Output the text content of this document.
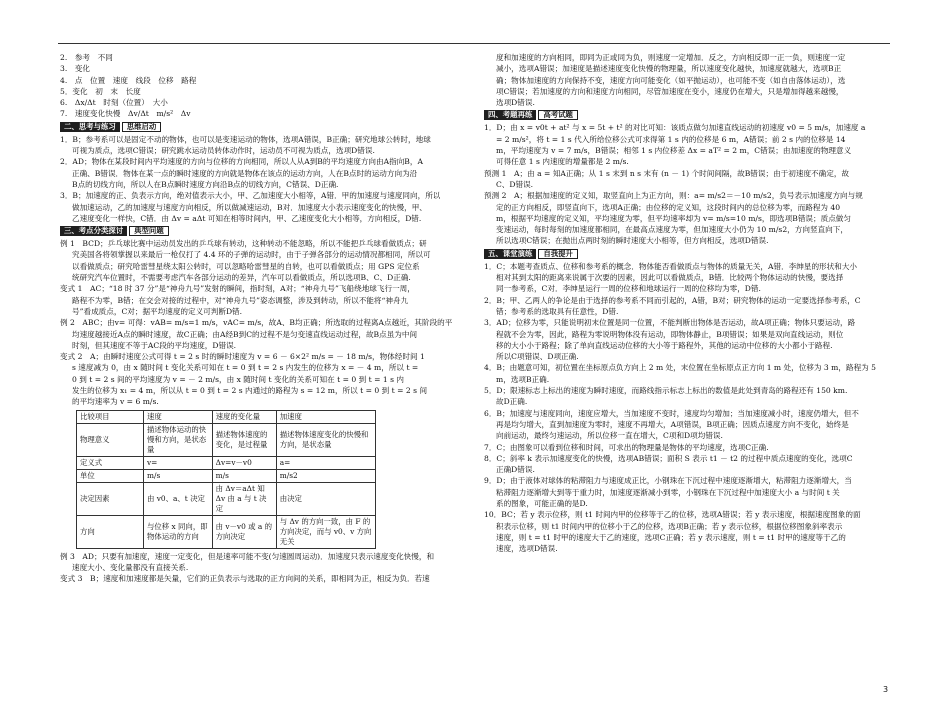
2.　参考　不同

3.　变化

4.　点　位置　速度　线段　位移　路程

5．变化　初　末　长度

6.　Δx/Δt　时刻（位置）　大小

7.　速度变化快慢　Δv/Δt　m/s²　Δv

二、思考与练习	思维启动

1．B；参考系可以是固定不动的物体，也可以是变速运动的物体，选项A错误，B正确；研究地球公转时，地球

可视为质点，选项C错误；研究跳水运动员转体动作时，运动员不可视为质点，选项D错误.

2．AD；物体在某段时间内平均速度的方向与位移的方向相同，所以人从A到B的平均速度方向由A指向B，A

正确、B错误．物体在某一点的瞬时速度的方向就是物体在该点的运动方向，人在B点时的运动方向为沿

B点的切线方向，所以人在B点瞬时速度方向沿B点的切线方向，C错误、D正确.

3．B；加速度的正、负表示方向，绝对值表示大小，甲、乙加速度大小相等，A错．甲的加速度与速度同向，所以

做加速运动，乙的加速度与速度方向相反，所以做减速运动，B对．加速度大小表示速度变化的快慢，甲、

乙速度变化一样快，C错．由 Δv = aΔt 可知在相等时间内，甲、乙速度变化大小相等，方向相反，D错.

三、考点分类探讨	典型问题

例 1　BCD；乒乓球比赛中运动员发出的乒乓球有转动，这种转动不能忽略，所以不能把乒乓球看做质点；研

究美国各将领掌握以来最后一枪仅打了 4.4 环的子弹的运动时，由于子弹各部分的运动情况都相同，所以可

以看做质点；研究哈雷彗星绕太阳公转时，可以忽略哈雷彗星的自转，也可以看做质点；用 GPS 定位系

统研究汽车位置时，不需要考虑汽车各部分运动的差异，汽车可以看做质点，所以选项B、C、D正确.

变式 1　AC；“18 时 37 分”是“神舟九号”发射的瞬间，指时刻，A对；“神舟九号”飞船绕地球飞行一周，

路程不为零，B错；在交会对接的过程中，对“神舟九号”姿态调整，涉及到转动，所以不能将“神舟九

号”看成质点，C对；据平均速度的定义可判断D错.

例 2　ABC；由v= 可得：vAB= m/s=1 m/s，vAC= m/s，故A、B均正确；所选取的过程离A点越近，其阶段的平

均速度越接近A点的瞬时速度，故C正确；由A经B到C的过程不是匀变速直线运动过程，故B点虽为中间

时刻，但其速度不等于AC段的平均速度，D错误.

变式 2　A；由瞬时速度公式可得 t = 2 s 时的瞬时速度为 v = 6 － 6×2² m/s = － 18 m/s，物体经时间 1

s 速度减为 0，由 x 随时间 t 变化关系可知在 t = 0 到 t = 2 s 内发生的位移为 x = － 4 m，所以 t =

0 到 t = 2 s 间的平均速度为 v = － 2 m/s，由 x 随时间 t 变化的关系可知在 t = 0 到 t = 1 s 内

发生的位移为 x₁ = 4 m，所以从 t = 0 到 t = 2 s 内通过的路程为 s = 12 m，所以 t = 0 到 t = 2 s 间

的平均速率为 v = 6 m/s.

比较项目	速度	速度的变化量	加速度
物理意义	描述物体运动的快慢和方向，是状态量	描述物体速度的变化，是过程量	描述物体速度变化的快慢和方向，是状态量
定义式	v=	Δv=v－v0	a=
单位	m/s	m/s	m/s2
决定因素	由 v0、a、t 决定	由 Δv＝aΔt 知 Δv 由 a 与 t 决定	由决定
方向	与位移 x 同向，即物体运动的方向	由 v－v0 或 a 的方向决定	与 Δv 的方向一致，由 F 的方向决定，而与 v0、v 方向无关

例 3　AD；只要有加速度，速度一定变化，但是速率可能不变(匀速圆周运动)．加速度只表示速度变化快慢，和

速度大小、变化量都没有直接关系.

变式 3　B；速度和加速度都是矢量，它们的正负表示与选取的正方向间的关系，即相同为正，相反为负．若速

度和加速度的方向相同，即同为正或同为负，则速度一定增加．反之，方向相反即一正一负，则速度一定

减小，选项A错误；加速度是描述速度变化快慢的物理量，所以速度变化越快，加速度就越大，选项B正

确；物体加速度的方向保持不变，速度方向可能变化（如平抛运动），也可能不变（如自由落体运动），选

项C错误；若加速度的方向和速度方向相同，尽管加速度在变小，速度仍在增大，只是增加得越来越慢，

选项D错误.

四、考题再练	高考试题

1．D；由 x = v0t + at² 与 x = 5t + t² 的对比可知：该质点做匀加速直线运动的初速度 v0 = 5 m/s，加速度 a

= 2 m/s²，将 t = 1 s 代入所给位移公式可求得第 1 s 内的位移是 6 m，A错误；前 2 s 内的位移是 14

m，平均速度为 v = 7 m/s，B错误；相邻 1 s 内位移差 Δx = aT² = 2 m，C错误；由加速度的物理意义

可得任意 1 s 内速度的增量都是 2 m/s.

预测 1　A；由 a = 知A正确；从 1 s 末到 n s 末有 (n － 1) 个时间间隔，故B错误；由于初速度不确定，故

C、D错误.

预测 2　A；根据加速度的定义知，取竖直向上为正方向，则：a= m/s2＝－10 m/s2，负号表示加速度方向与规

定的正方向相反，即竖直向下，选项A正确；由位移的定义知，这段时间内的总位移为零，而路程为 40

m，根据平均速度的定义知，平均速度为零，但平均速率却为 v= m/s=10 m/s，即选项B错误；质点做匀

变速运动，每时每刻的加速度都相同，在最高点速度为零，但加速度大小仍为 10 m/s2，方向竖直向下，

所以选项C错误；在抛出点两时刻的瞬时速度大小相等，但方向相反，选项D错误.

五、课堂演练	自我提升

1．C；本题考查质点、位移和参考系的概念．物体能否看做质点与物体的质量无关，A错．李绅星的形状和大小

相对其到太阳的距离来说属于次要的因素，因此可以看做质点，B错．比较两个物体运动的快慢，要选择

同一参考系，C对．李绅星运行一周的位移和地球运行一周的位移均为零，D错.

2．B；甲、乙两人的争论是由于选择的参考系不同而引起的，A错，B对；研究物体的运动一定要选择参考系，C

错；参考系的选取具有任意性，D错.

3．AD；位移为零，只能说明初末位置是同一位置，不能判断出物体是否运动，故A项正确；物体只要运动，路

程就不会为零，因此，路程为零说明物体没有运动，即物体静止，B项错误；如果是双向直线运动，则位

移的大小小于路程；除了单向直线运动位移的大小等于路程外，其他的运动中位移的大小都小于路程.

所以C项错误、D项正确.

4．B；由题意可知，初位置在坐标原点负方向上 2 m 处，末位置在坐标原点正方向 1 m 处，位移为 3 m，路程为 5

m，选项B正确.

5．D；限速标志上标出的速度为瞬时速度，而路线指示标志上标出的数值是此处到青岛的路程还有 150 km.

故D正确.

6．B；加速度与速度同向，速度应增大，当加速度不变时，速度均匀增加；当加速度减小时，速度仍增大，但不

再是均匀增大，直到加速度为零时，速度不再增大，A项错误，B项正确；因质点速度方向不变化，始终是

向前运动，最终匀速运动，所以位移一直在增大，C项和D项均错误.

7．C；由图象可以看到位移和时间，可求出的物理量是物体的平均速度，选项C正确.

8．C；斜率 k 表示加速度变化的快慢，选项AB错误；面积 S 表示 t1 － t2 的过程中质点速度的变化，选项C

正确D错误.

9．D；由于液体对球体的粘滞阻力与速度成正比，小钢珠在下沉过程中速度逐渐增大，粘滞阻力逐渐增大，当

粘滞阻力逐渐增大到等于重力时，加速度逐渐减小到零，小钢珠在下沉过程中加速度大小 a 与时间 t 关

系的图象，可能正确的是D.

10．BC；若 y 表示位移，则 t1 时间内甲的位移等于乙的位移，选项A错误；若 y 表示速度，根据速度图象的面

积表示位移，则 t1 时间内甲的位移小于乙的位移，选项B正确；若 y 表示位移，根据位移图象斜率表示

速度，则 t = t1 时甲的速度大于乙的速度，选项C正确；若 y 表示速度，则 t = t1 时甲的速度等于乙的

速度，选项D错误.

3
